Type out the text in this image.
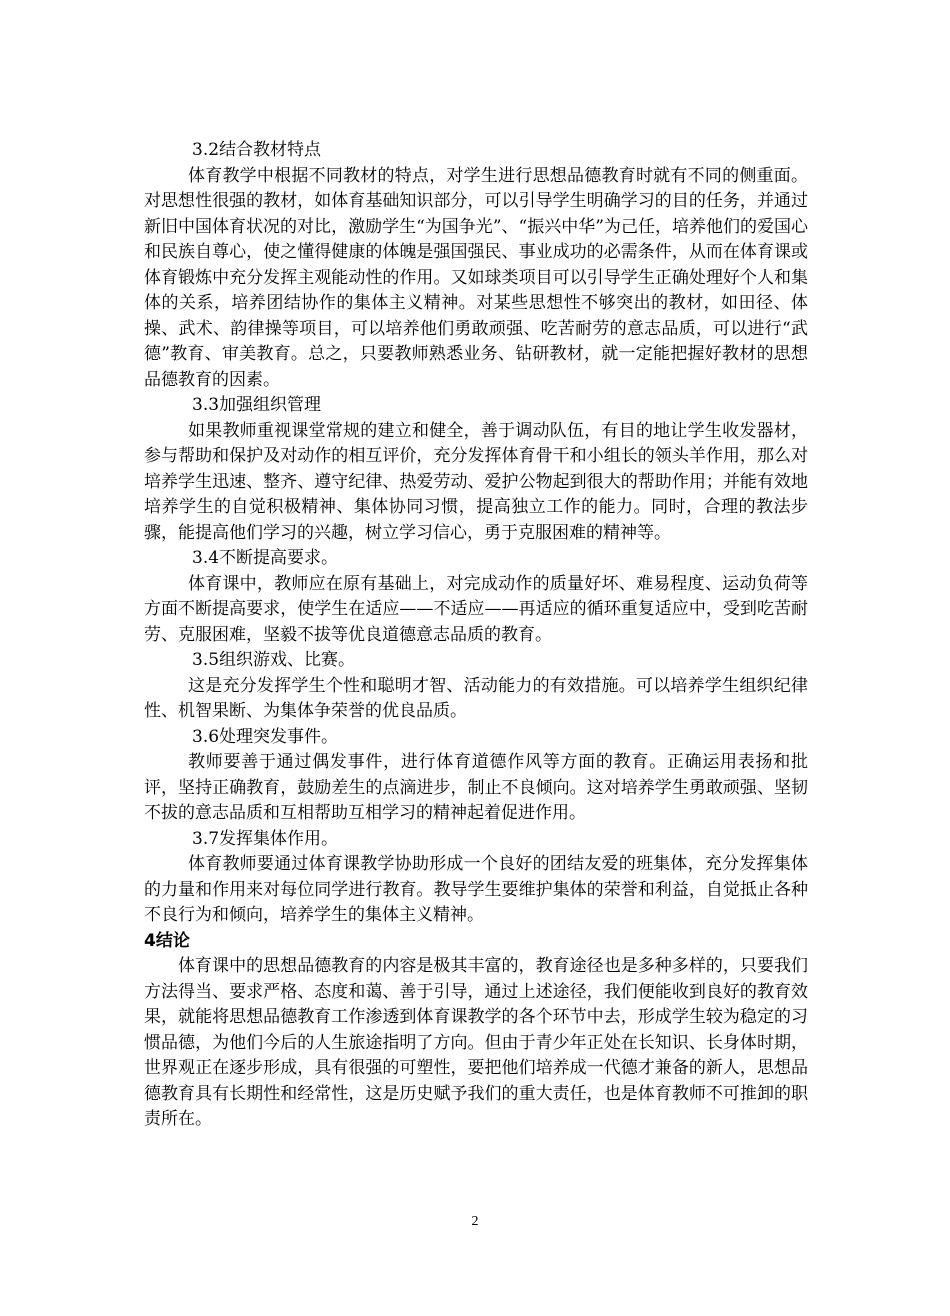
3.2结合教材特点

体育教学中根据不同教材的特点，对学生进行思想品德教育时就有不同的侧重面。对思想性很强的教材，如体育基础知识部分，可以引导学生明确学习的目的任务，并通过新旧中国体育状况的对比，激励学生“为国争光”、“振兴中华”为己任，培养他们的爱国心和民族自尊心，使之懂得健康的体魄是强国强民、事业成功的必需条件，从而在体育课或体育锻炼中充分发挥主观能动性的作用。又如球类项目可以引导学生正确处理好个人和集体的关系，培养团结协作的集体主义精神。对某些思想性不够突出的教材，如田径、体操、武术、韵律操等项目，可以培养他们勇敢顽强、吃苦耐劳的意志品质，可以进行“武德”教育、审美教育。总之，只要教师熟悉业务、钻研教材，就一定能把握好教材的思想品德教育的因素。

3.3加强组织管理

如果教师重视课堂常规的建立和健全，善于调动队伍，有目的地让学生收发器材，参与帮助和保护及对动作的相互评价，充分发挥体育骨干和小组长的领头羊作用，那么对培养学生迅速、整齐、遵守纪律、热爱劳动、爱护公物起到很大的帮助作用；并能有效地培养学生的自觉积极精神、集体协同习惯，提高独立工作的能力。同时，合理的教法步骤，能提高他们学习的兴趣，树立学习信心，勇于克服困难的精神等。

3.4不断提高要求。

体育课中，教师应在原有基础上，对完成动作的质量好坏、难易程度、运动负荷等方面不断提高要求，使学生在适应——不适应——再适应的循环重复适应中，受到吃苦耐劳、克服困难，坚毅不拔等优良道德意志品质的教育。

3.5组织游戏、比赛。

这是充分发挥学生个性和聪明才智、活动能力的有效措施。可以培养学生组织纪律性、机智果断、为集体争荣誉的优良品质。

3.6处理突发事件。

教师要善于通过偶发事件，进行体育道德作风等方面的教育。正确运用表扬和批评，坚持正确教育，鼓励差生的点滴进步，制止不良倾向。这对培养学生勇敢顽强、坚韧不拔的意志品质和互相帮助互相学习的精神起着促进作用。

3.7发挥集体作用。

体育教师要通过体育课教学协助形成一个良好的团结友爱的班集体，充分发挥集体的力量和作用来对每位同学进行教育。教导学生要维护集体的荣誉和利益，自觉抵止各种不良行为和倾向，培养学生的集体主义精神。

4结论

体育课中的思想品德教育的内容是极其丰富的，教育途径也是多种多样的，只要我们方法得当、要求严格、态度和蔼、善于引导，通过上述途径，我们便能收到良好的教育效果，就能将思想品德教育工作渗透到体育课教学的各个环节中去，形成学生较为稳定的习惯品德，为他们今后的人生旅途指明了方向。但由于青少年正处在长知识、长身体时期，世界观正在逐步形成，具有很强的可塑性，要把他们培养成一代德才兼备的新人，思想品德教育具有长期性和经常性，这是历史赋予我们的重大责任，也是体育教师不可推卸的职责所在。

2
